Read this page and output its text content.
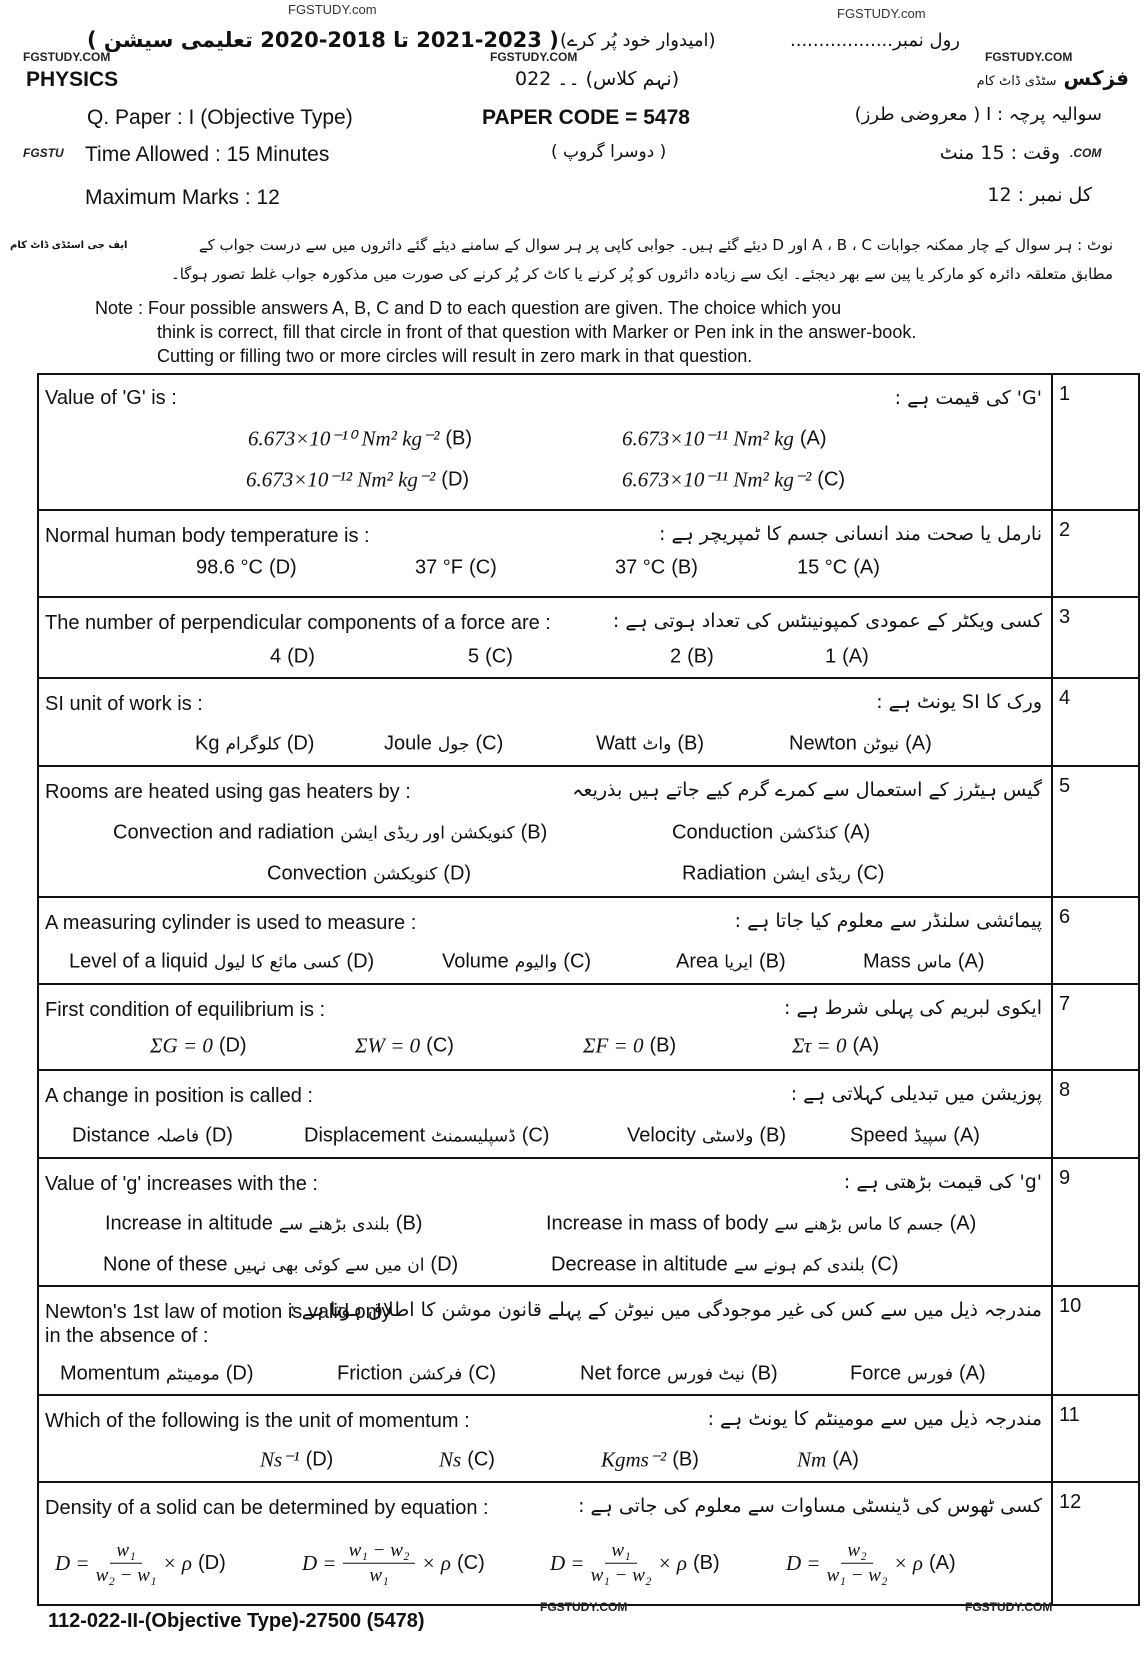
FGSTUDY.com	FGSTUDY.com
( 2021-2023 تا 2018-2020 تعلیمی سیشن ) (امیدوار خود پُر کرے)	رول نمبر..................
FGSTUDY.COM	FGSTUDY.COM	FGSTUDY.COM
PHYSICS	(نہم کلاس) ۔۔ 022	فزکس سٹڈی ڈاٹ کام
Q. Paper : I (Objective Type)	PAPER CODE = 5478	سوالیہ پرچہ : I ( معروضی طرز)
FGSTU Time Allowed : 15 Minutes	( دوسرا گروپ )	وقت : 15 منٹ .COM
Maximum Marks : 12	کل نمبر : 12
ایف جی اسٹڈی ڈاٹ کام	نوٹ : ہر سوال کے چار ممکنہ جوابات A ، B ، C اور D دیئے گئے ہیں۔ جوابی کاپی پر ہر سوال کے سامنے دیئے گئے دائروں میں سے درست جواب کے
مطابق متعلقہ دائرہ کو مارکر یا پین سے بھر دیجئے۔ ایک سے زیادہ دائروں کو پُر کرنے یا کاٹ کر پُر کرنے کی صورت میں مذکورہ جواب غلط تصور ہوگا۔
Note : Four possible answers A, B, C and D to each question are given. The choice which you
think is correct, fill that circle in front of that question with Marker or Pen ink in the answer-book.
Cutting or filling two or more circles will result in zero mark in that question.
1
Value of 'G' is :	'G' کی قیمت ہے :
6.673×10⁻¹⁰ Nm² kg⁻² (B)	6.673×10⁻¹¹ Nm² kg (A)
6.673×10⁻¹² Nm² kg⁻² (D)	6.673×10⁻¹¹ Nm² kg⁻² (C)
2
Normal human body temperature is :	نارمل یا صحت مند انسانی جسم کا ٹمپریچر ہے :
98.6 °C (D)	37 °F (C)	37 °C (B)	15 °C (A)
3
The number of perpendicular components of a force are :	کسی ویکٹر کے عمودی کمپونینٹس کی تعداد ہوتی ہے :
4 (D)	5 (C)	2 (B)	1 (A)
4
SI unit of work is :	ورک کا SI یونٹ ہے :
Kg کلوگرام (D)	Joule جول (C)	Watt واٹ (B)	Newton نیوٹن (A)
5
Rooms are heated using gas heaters by :	گیس ہیٹرز کے استعمال سے کمرے گرم کیے جاتے ہیں بذریعہ
Convection and radiation کنویکشن اور ریڈی ایشن (B)	Conduction کنڈکشن (A)
Convection کنویکشن (D)	Radiation ریڈی ایشن (C)
6
A measuring cylinder is used to measure :	پیمائشی سلنڈر سے معلوم کیا جاتا ہے :
Level of a liquid کسی مائع کا لیول (D)	Volume والیوم (C)	Area ایریا (B)	Mass ماس (A)
7
First condition of equilibrium is :	ایکوی لبریم کی پہلی شرط ہے :
ΣG = 0 (D)	ΣW = 0 (C)	ΣF = 0 (B)	Στ = 0 (A)
8
A change in position is called :	پوزیشن میں تبدیلی کہلاتی ہے :
Distance فاصلہ (D)	Displacement ڈسپلیسمنٹ (C)	Velocity ولاسٹی (B)	Speed سپیڈ (A)
9
Value of 'g' increases with the :	'g' کی قیمت بڑھتی ہے :
Increase in altitude بلندی بڑھنے سے (B)	Increase in mass of body جسم کا ماس بڑھنے سے (A)
None of these ان میں سے کوئی بھی نہیں (D)	Decrease in altitude بلندی کم ہونے سے (C)
10
Newton's 1st law of motion is valid only
in the absence of :
مندرجہ ذیل میں سے کس کی غیر موجودگی میں نیوٹن کے پہلے قانون موشن کا اطلاق ہوتا ہے :
Momentum مومینٹم (D)	Friction فرکشن (C)	Net force نیٹ فورس (B)	Force فورس (A)
11
Which of the following is the unit of momentum :	مندرجہ ذیل میں سے مومینٹم کا یونٹ ہے :
Ns⁻¹ (D)	Ns (C)	Kgms⁻² (B)	Nm (A)
12
Density of a solid can be determined by equation :	کسی ٹھوس کی ڈینسٹی مساوات سے معلوم کی جاتی ہے :
$D = \frac{\text{w₁}}{\text{w₂ − w₁}} \times \rho$ (D)	$D = \frac{\text{w₁ − w₂}}{\text{w₁}} \times \rho$ (C)	$D = \frac{\text{w₁}}{\text{w₁ − w₂}} \times \rho$ (B)	$D = \frac{\text{w₂}}{\text{w₁ − w₂}} \times \rho$ (A)
FGSTUDY.COM
FGSTUDY.COM
112-022-II-(Objective Type)-27500 (5478)
